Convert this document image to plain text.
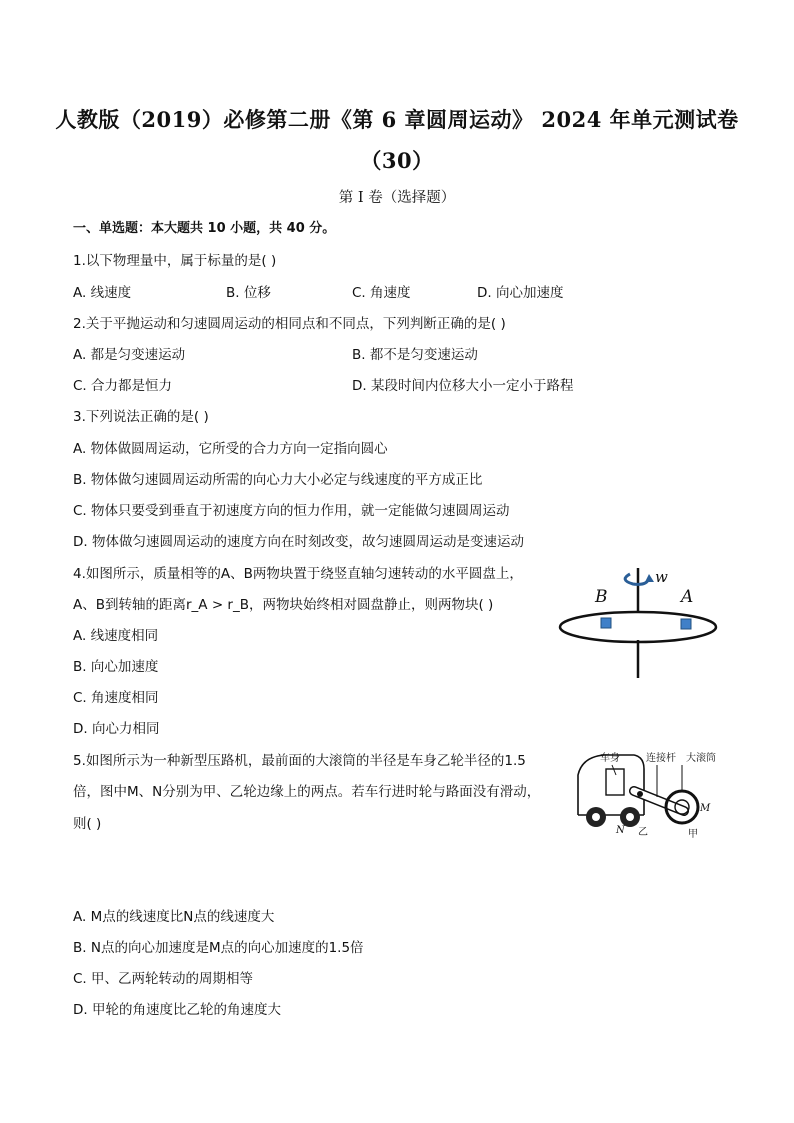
人教版（2019）必修第二册《第 6 章圆周运动》 2024 年单元测试卷
（30）
第 I 卷（选择题）
一、单选题：本大题共 10 小题，共 40 分。
1.以下物理量中，属于标量的是( )
A. 线速度	B. 位移	C. 角速度	D. 向心加速度
2.关于平抛运动和匀速圆周运动的相同点和不同点，下列判断正确的是( )
A. 都是匀变速运动	B. 都不是匀变速运动
C. 合力都是恒力	D. 某段时间内位移大小一定小于路程
3.下列说法正确的是( )
A. 物体做圆周运动，它所受的合力方向一定指向圆心
B. 物体做匀速圆周运动所需的向心力大小必定与线速度的平方成正比
C. 物体只要受到垂直于初速度方向的恒力作用，就一定能做匀速圆周运动
D. 物体做匀速圆周运动的速度方向在时刻改变，故匀速圆周运动是变速运动
4.如图所示，质量相等的A、B两物块置于绕竖直轴匀速转动的水平圆盘上，
A、B到转轴的距离r_A > r_B，两物块始终相对圆盘静止，则两物块( )
A. 线速度相同
B. 向心加速度
C. 角速度相同
D. 向心力相同
B	A
w
5.如图所示为一种新型压路机，最前面的大滚筒的半径是车身乙轮半径的1.5
倍，图中M、N分别为甲、乙轮边缘上的两点。若车行进时轮与路面没有滑动，
则( )
A. M点的线速度比N点的线速度大
B. N点的向心加速度是M点的向心加速度的1.5倍
C. 甲、乙两轮转动的周期相等
D. 甲轮的角速度比乙轮的角速度大
车身	连接杆 大滚筒
M
N 乙	甲
